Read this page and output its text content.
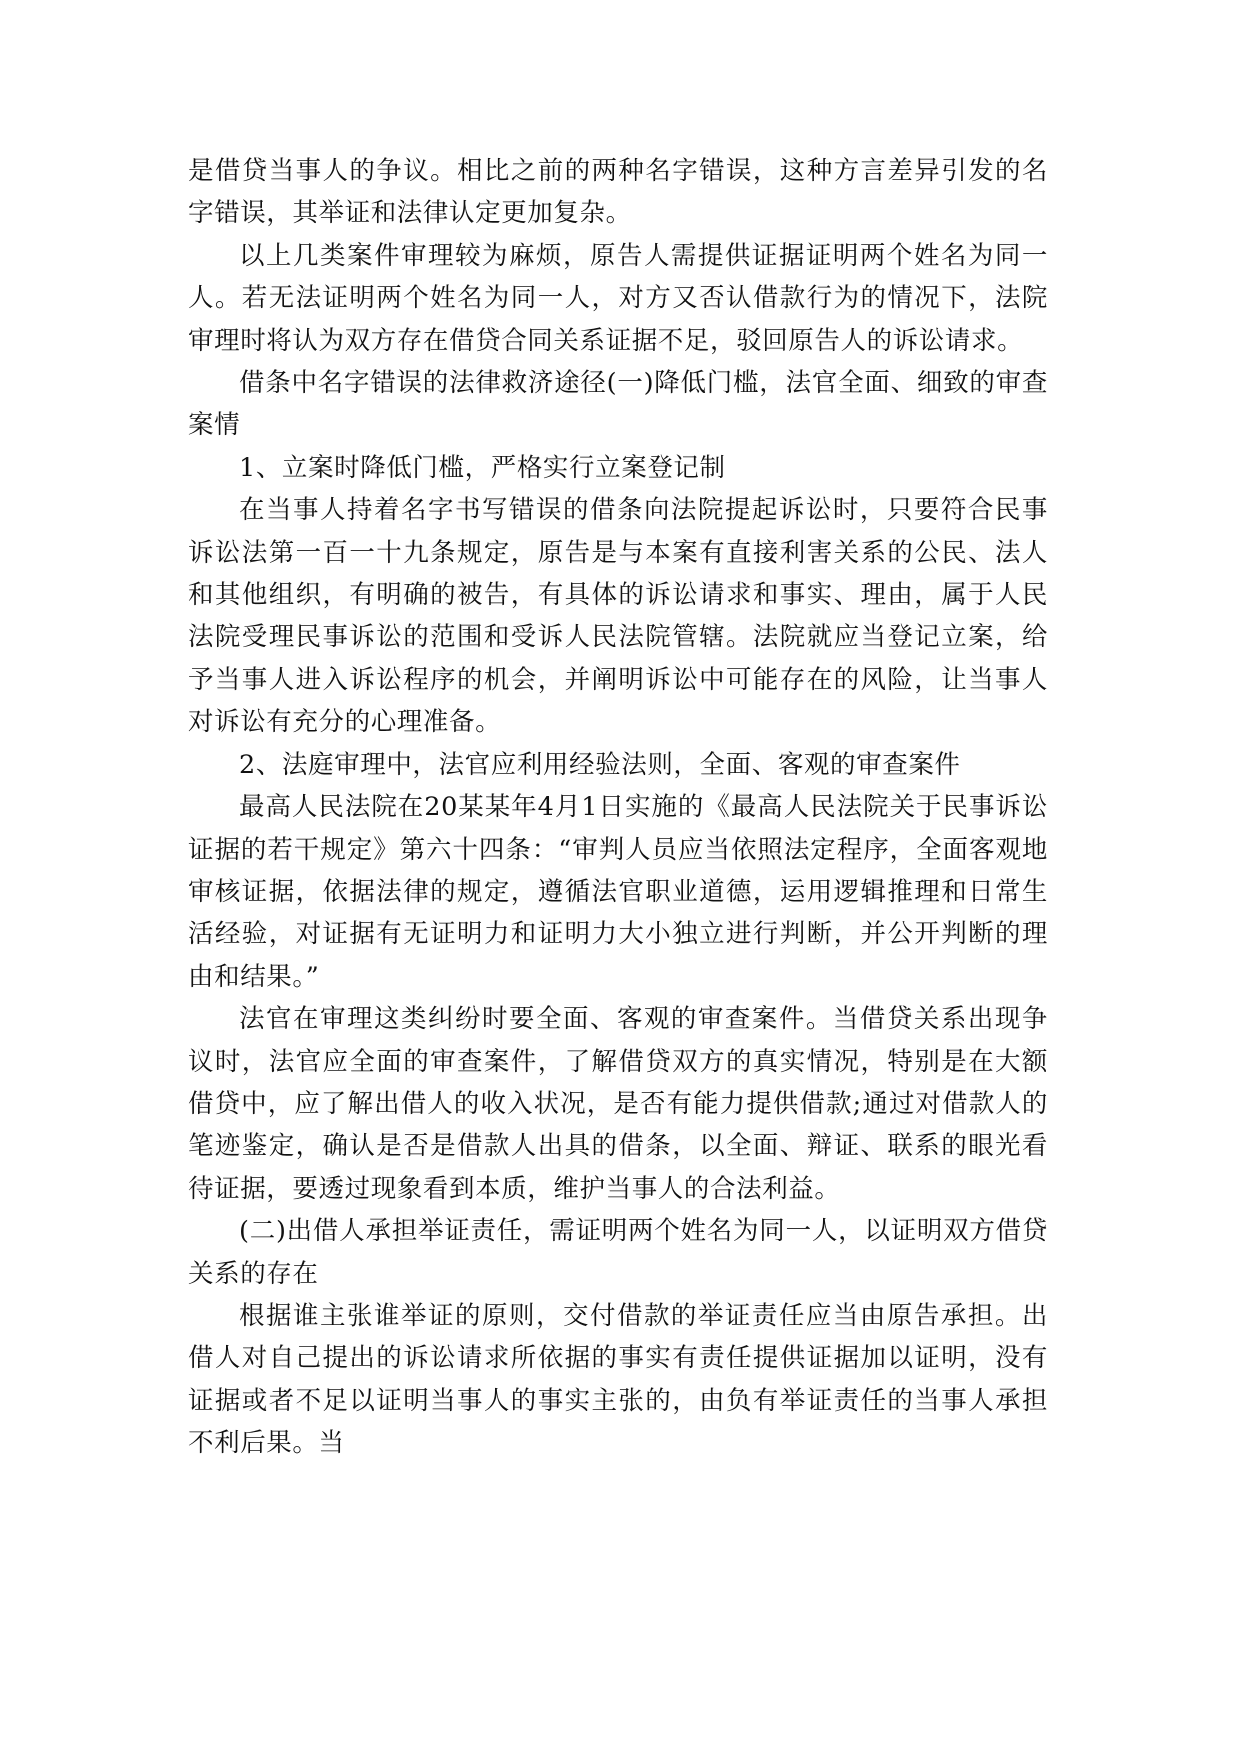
是借贷当事人的争议。相比之前的两种名字错误，这种方言差异引发的名字错误，其举证和法律认定更加复杂。

以上几类案件审理较为麻烦，原告人需提供证据证明两个姓名为同一人。若无法证明两个姓名为同一人，对方又否认借款行为的情况下，法院审理时将认为双方存在借贷合同关系证据不足，驳回原告人的诉讼请求。

借条中名字错误的法律救济途径(一)降低门槛，法官全面、细致的审查案情

1、立案时降低门槛，严格实行立案登记制

在当事人持着名字书写错误的借条向法院提起诉讼时，只要符合民事诉讼法第一百一十九条规定，原告是与本案有直接利害关系的公民、法人和其他组织，有明确的被告，有具体的诉讼请求和事实、理由，属于人民法院受理民事诉讼的范围和受诉人民法院管辖。法院就应当登记立案，给予当事人进入诉讼程序的机会，并阐明诉讼中可能存在的风险，让当事人对诉讼有充分的心理准备。

2、法庭审理中，法官应利用经验法则，全面、客观的审查案件

最高人民法院在20某某年4月1日实施的《最高人民法院关于民事诉讼证据的若干规定》第六十四条：“审判人员应当依照法定程序，全面客观地审核证据，依据法律的规定，遵循法官职业道德，运用逻辑推理和日常生活经验，对证据有无证明力和证明力大小独立进行判断，并公开判断的理由和结果。”

法官在审理这类纠纷时要全面、客观的审查案件。当借贷关系出现争议时，法官应全面的审查案件，了解借贷双方的真实情况，特别是在大额借贷中，应了解出借人的收入状况，是否有能力提供借款;通过对借款人的笔迹鉴定，确认是否是借款人出具的借条，以全面、辩证、联系的眼光看待证据，要透过现象看到本质，维护当事人的合法利益。

(二)出借人承担举证责任，需证明两个姓名为同一人，以证明双方借贷关系的存在

根据谁主张谁举证的原则，交付借款的举证责任应当由原告承担。出借人对自己提出的诉讼请求所依据的事实有责任提供证据加以证明，没有证据或者不足以证明当事人的事实主张的，由负有举证责任的当事人承担不利后果。当
